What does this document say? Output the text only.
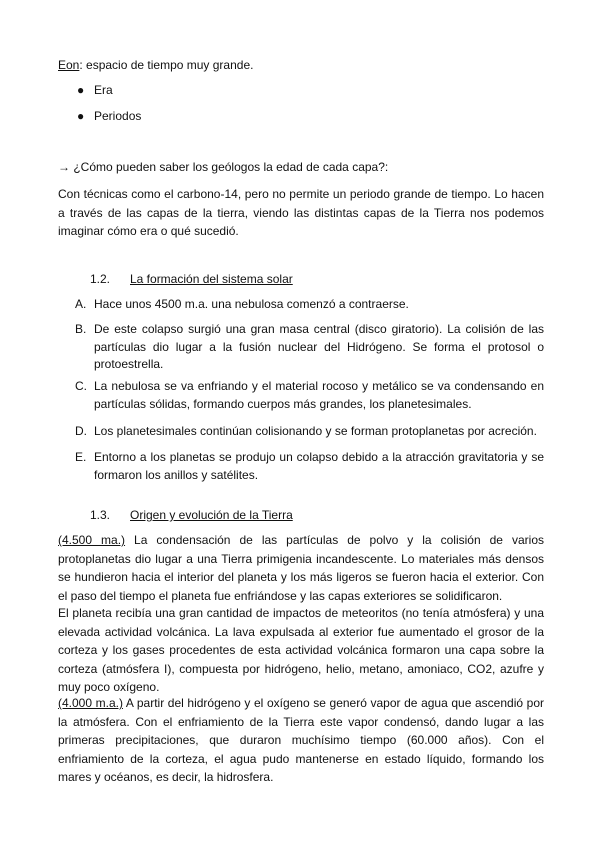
Eon: espacio de tiempo muy grande.
● Era
● Periodos
→ ¿Cómo pueden saber los geólogos la edad de cada capa?:
Con técnicas como el carbono-14, pero no permite un periodo grande de tiempo. Lo hacen a través de las capas de la tierra, viendo las distintas capas de la Tierra nos podemos imaginar cómo era o qué sucedió.
1.2. La formación del sistema solar
A. Hace unos 4500 m.a. una nebulosa comenzó a contraerse.
B. De este colapso surgió una gran masa central (disco giratorio). La colisión de las partículas dio lugar a la fusión nuclear del Hidrógeno. Se forma el protosol o protoestrella.
C. La nebulosa se va enfriando y el material rocoso y metálico se va condensando en partículas sólidas, formando cuerpos más grandes, los planetesimales.
D. Los planetesimales continúan colisionando y se forman protoplanetas por acreción.
E. Entorno a los planetas se produjo un colapso debido a la atracción gravitatoria y se formaron los anillos y satélites.
1.3. Origen y evolución de la Tierra
(4.500 ma.) La condensación de las partículas de polvo y la colisión de varios protoplanetas dio lugar a una Tierra primigenia incandescente. Lo materiales más densos se hundieron hacia el interior del planeta y los más ligeros se fueron hacia el exterior. Con el paso del tiempo el planeta fue enfriándose y las capas exteriores se solidificaron.
El planeta recibía una gran cantidad de impactos de meteoritos (no tenía atmósfera) y una elevada actividad volcánica. La lava expulsada al exterior fue aumentado el grosor de la corteza y los gases procedentes de esta actividad volcánica formaron una capa sobre la corteza (atmósfera I), compuesta por hidrógeno, helio, metano, amoniaco, CO2, azufre y muy poco oxígeno.
(4.000 m.a.) A partir del hidrógeno y el oxígeno se generó vapor de agua que ascendió por la atmósfera. Con el enfriamiento de la Tierra este vapor condensó, dando lugar a las primeras precipitaciones, que duraron muchísimo tiempo (60.000 años). Con el enfriamiento de la corteza, el agua pudo mantenerse en estado líquido, formando los mares y océanos, es decir, la hidrosfera.
